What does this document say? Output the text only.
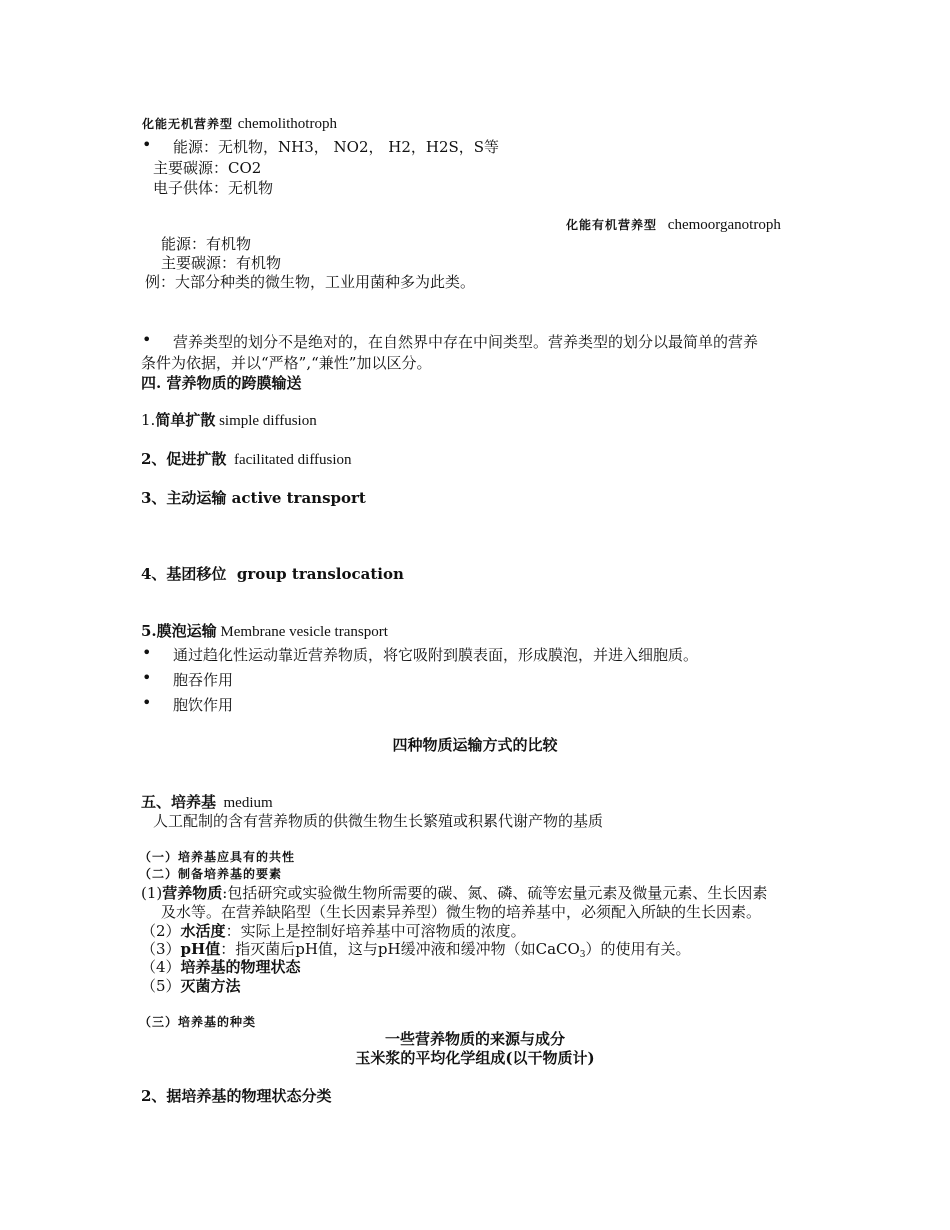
化能无机营养型 chemolithotroph
• 能源：无机物，NH3， NO2， H2，H2S，S等
主要碳源：CO2
电子供体：无机物
化能有机营养型 chemoorganotroph
能源：有机物
主要碳源：有机物
例：大部分种类的微生物，工业用菌种多为此类。
• 营养类型的划分不是绝对的，在自然界中存在中间类型。营养类型的划分以最简单的营养
条件为依据，并以“严格”,“兼性”加以区分。
四. 营养物质的跨膜输送
1.简单扩散 simple diffusion
2、促进扩散  facilitated diffusion
3、主动运输 active transport
4、基团移位  group translocation
5.膜泡运输 Membrane vesicle transport
• 通过趋化性运动靠近营养物质，将它吸附到膜表面，形成膜泡，并进入细胞质。
• 胞吞作用
• 胞饮作用
四种物质运输方式的比较
五、培养基  medium
人工配制的含有营养物质的供微生物生长繁殖或积累代谢产物的基质
（一）培养基应具有的共性
（二）制备培养基的要素
(1)营养物质:包括研究或实验微生物所需要的碳、氮、磷、硫等宏量元素及微量元素、生长因素
及水等。在营养缺陷型（生长因素异养型）微生物的培养基中，必须配入所缺的生长因素。
（2）水活度：实际上是控制好培养基中可溶物质的浓度。
（3）pH值：指灭菌后pH值，这与pH缓冲液和缓冲物（如CaCO$_3$）的使用有关。
（4）培养基的物理状态
（5）灭菌方法
（三）培养基的种类
一些营养物质的来源与成分
玉米浆的平均化学组成(以干物质计)
2、据培养基的物理状态分类
